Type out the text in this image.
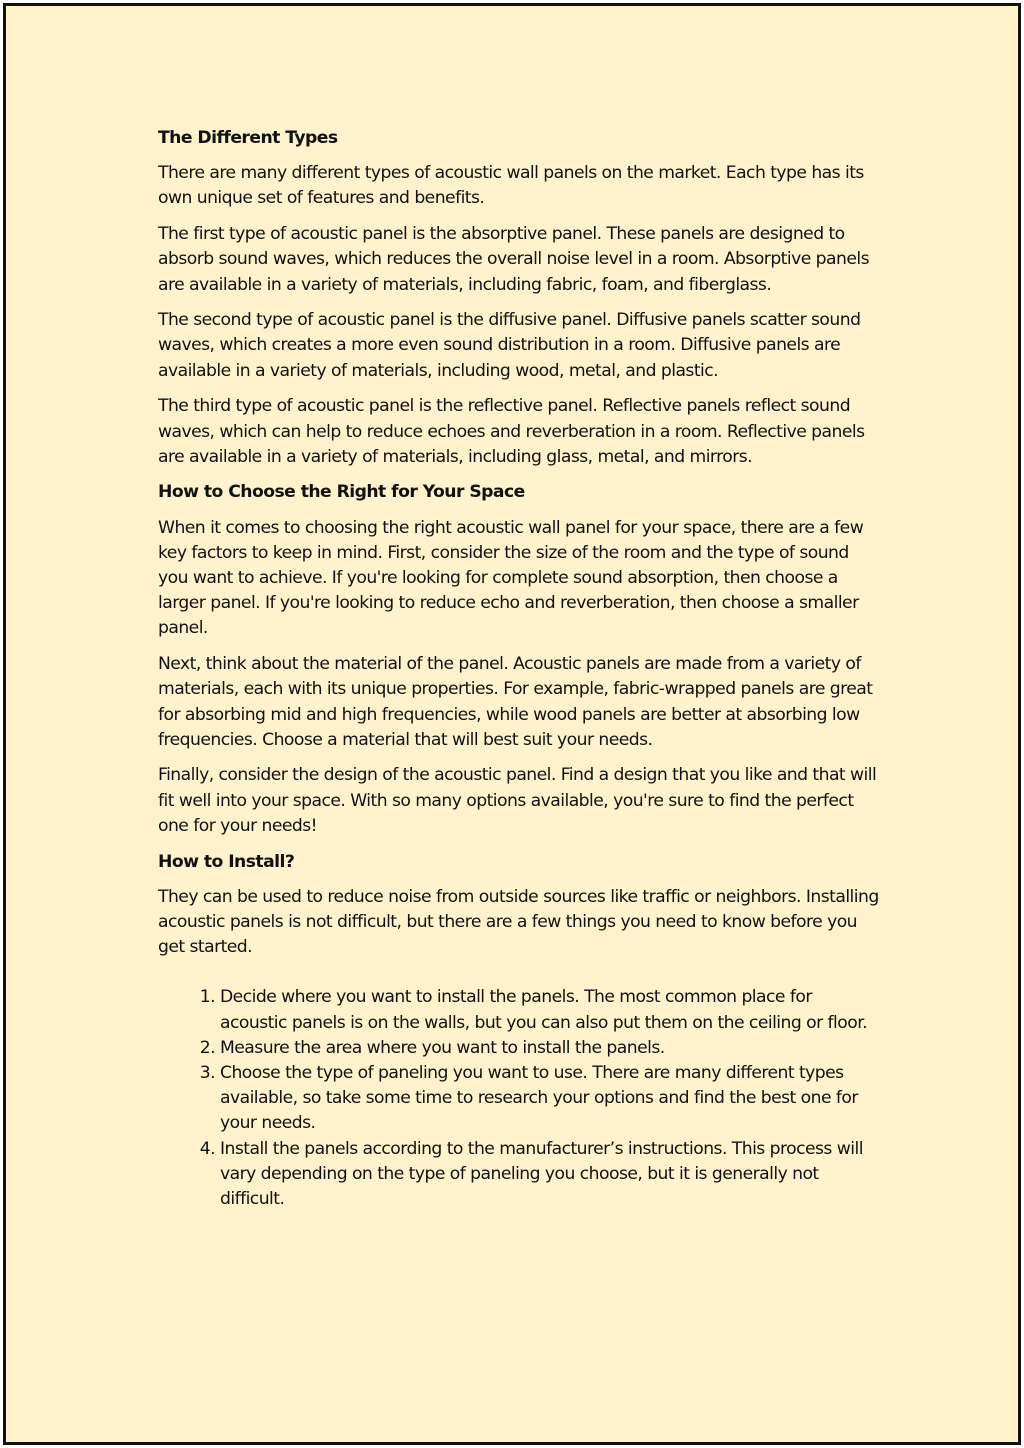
The Different Types

There are many different types of acoustic wall panels on the market. Each type has its own unique set of features and benefits.

The first type of acoustic panel is the absorptive panel. These panels are designed to absorb sound waves, which reduces the overall noise level in a room. Absorptive panels are available in a variety of materials, including fabric, foam, and fiberglass.

The second type of acoustic panel is the diffusive panel. Diffusive panels scatter sound waves, which creates a more even sound distribution in a room. Diffusive panels are available in a variety of materials, including wood, metal, and plastic.

The third type of acoustic panel is the reflective panel. Reflective panels reflect sound waves, which can help to reduce echoes and reverberation in a room. Reflective panels are available in a variety of materials, including glass, metal, and mirrors.

How to Choose the Right for Your Space

When it comes to choosing the right acoustic wall panel for your space, there are a few key factors to keep in mind. First, consider the size of the room and the type of sound you want to achieve. If you're looking for complete sound absorption, then choose a larger panel. If you're looking to reduce echo and reverberation, then choose a smaller panel.

Next, think about the material of the panel. Acoustic panels are made from a variety of materials, each with its unique properties. For example, fabric-wrapped panels are great for absorbing mid and high frequencies, while wood panels are better at absorbing low frequencies. Choose a material that will best suit your needs.

Finally, consider the design of the acoustic panel. Find a design that you like and that will fit well into your space. With so many options available, you're sure to find the perfect one for your needs!

How to Install?

They can be used to reduce noise from outside sources like traffic or neighbors. Installing acoustic panels is not difficult, but there are a few things you need to know before you get started.

1. Decide where you want to install the panels. The most common place for acoustic panels is on the walls, but you can also put them on the ceiling or floor.
2. Measure the area where you want to install the panels.
3. Choose the type of paneling you want to use. There are many different types available, so take some time to research your options and find the best one for your needs.
4. Install the panels according to the manufacturer’s instructions. This process will vary depending on the type of paneling you choose, but it is generally not difficult.
